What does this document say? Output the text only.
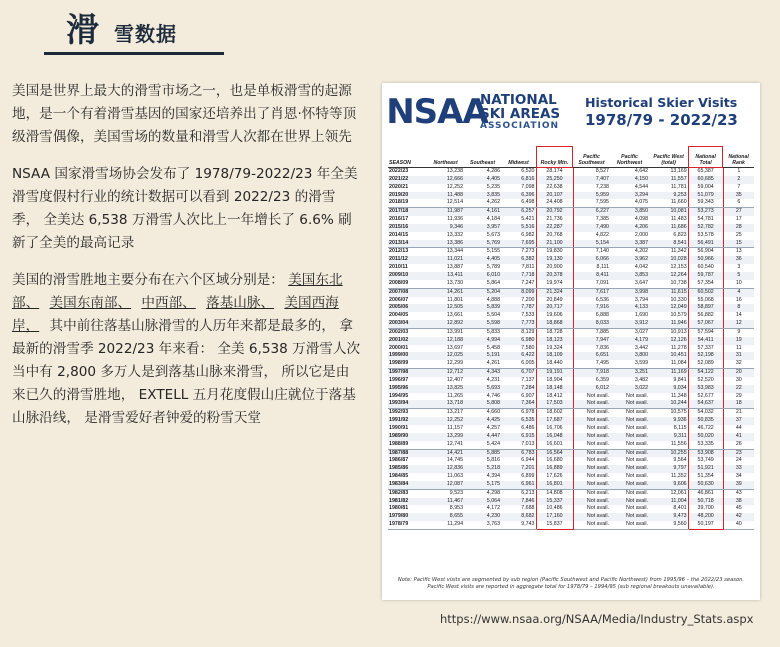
滑 雪数据

美国是世界上最大的滑雪市场之一，也是单板滑雪的起源地，是一个有着滑雪基因的国家还培养出了肖恩·怀特等顶级滑雪偶像，美国雪场的数量和滑雪人次都在世界上领先

NSAA 国家滑雪场协会发布了 1978/79-2022/23 年全美滑雪度假村行业的统计数据可以看到 2022/23 的滑雪季， 全美达 6,538 万滑雪人次比上一年增长了 6.6% 刷新了全美的最高记录

美国的滑雪胜地主要分布在六个区域分别是： 美国东北部、 美国东南部、 中西部、 落基山脉、 美国西海岸， 其中前往落基山脉滑雪的人历年来都是最多的， 拿最新的滑雪季 2022/23 年来看： 全美 6,538 万滑雪人次当中有 2,800 多万人是到落基山脉来滑雪， 所以它是由来已久的滑雪胜地， EXTELL 五月花度假山庄就位于落基山脉沿线， 是滑雪爱好者钟爱的粉雪天堂

NSAA
NATIONAL
SKI AREAS
ASSOCIATION
Historical Skier Visits
1978/79 - 2022/23
SEASON	Northeast	Southeast	Midwest	Rocky Mtn.	Pacific Southwest	Pacific Northwest	Pacific West (total)	National Total	National Rank
2022/23	13,238	4,286	6,520	28,174	8,527	4,642	13,169	65,387	1
2021/22	12,666	4,405	6,816	25,250	7,407	4,150	11,557	60,685	2
2020/21	12,252	5,235	7,098	22,638	7,238	4,544	11,781	59,004	7
2019/20	11,488	3,835	6,396	20,107	5,959	3,294	9,253	51,079	35
2018/19	12,514	4,262	6,498	24,408	7,595	4,075	11,660	59,343	6
2017/18	11,987	4,161	6,257	20,792	6,227	3,850	10,081	53,273	27
2016/17	11,936	4,184	5,421	21,736	7,385	4,098	11,483	54,781	17
2015/16	9,346	3,957	5,516	22,287	7,490	4,206	11,686	52,782	28
2014/15	13,332	5,673	6,982	20,768	4,822	2,000	6,823	53,578	25
2013/14	13,386	5,769	7,695	21,100	5,154	3,387	8,541	56,491	15
2012/13	13,344	5,155	7,273	19,830	7,140	4,202	11,342	56,904	13
2011/12	11,021	4,405	6,382	19,130	6,066	3,962	10,028	50,966	36
2010/11	13,887	5,789	7,811	20,900	8,111	4,042	12,153	60,540	3
2009/10	13,411	6,010	7,718	20,378	8,411	3,853	12,264	59,787	5
2008/09	13,730	5,864	7,247	19,974	7,091	3,647	10,738	57,354	10
2007/08	14,261	5,204	8,099	21,324	7,617	3,998	11,615	60,502	4
2006/07	11,801	4,888	7,200	20,849	6,536	3,794	10,330	55,068	16
2005/06	12,505	5,839	7,787	20,717	7,916	4,133	12,049	58,897	8
2004/05	13,661	5,504	7,533	19,606	6,888	1,690	10,579	56,882	14
2003/04	12,892	5,598	7,773	18,868	8,033	3,912	11,946	57,067	12
2002/03	13,991	5,833	8,129	18,728	7,885	3,027	10,913	57,594	9
2001/02	12,188	4,994	6,980	18,123	7,947	4,179	12,126	54,411	19
2000/01	13,697	5,458	7,580	19,324	7,836	3,442	11,278	57,337	11
1999/00	12,025	5,191	6,422	18,109	6,651	3,800	10,451	52,198	31
1998/99	12,299	4,261	6,005	18,440	7,495	3,599	11,084	52,089	32
1997/98	12,712	4,343	6,707	19,191	7,918	3,251	11,169	54,122	20
1996/97	12,407	4,231	7,137	18,904	6,359	3,482	9,841	52,520	30
1995/96	13,825	5,693	7,284	18,148	6,012	3,022	9,034	53,983	22
1994/95	11,265	4,746	6,907	18,412	Not avail.	Not avail.	11,348	52,677	29
1993/94	13,718	5,808	7,364	17,503	Not avail.	Not avail.	10,244	54,637	18
1992/93	13,217	4,660	6,978	18,602	Not avail.	Not avail.	10,575	54,032	21
1991/92	12,252	4,425	6,535	17,687	Not avail.	Not avail.	9,936	50,835	37
1990/91	11,157	4,257	6,486	16,706	Not avail.	Not avail.	8,115	46,722	44
1989/90	13,299	4,447	6,915	16,048	Not avail.	Not avail.	9,311	50,020	41
1988/89	12,741	5,424	7,013	16,601	Not avail.	Not avail.	11,556	53,335	26
1987/88	14,421	5,885	6,783	16,564	Not avail.	Not avail.	10,255	53,908	23
1986/87	14,745	5,816	6,944	16,680	Not avail.	Not avail.	9,564	53,749	24
1985/86	12,836	5,218	7,201	16,889	Not avail.	Not avail.	9,797	51,921	33
1984/85	11,063	4,394	6,899	17,626	Not avail.	Not avail.	11,352	51,354	34
1983/84	12,087	5,175	6,961	16,801	Not avail.	Not avail.	9,606	50,630	39
1982/83	9,523	4,298	6,213	14,808	Not avail.	Not avail.	12,061	46,861	43
1981/82	11,467	5,064	7,846	15,337	Not avail.	Not avail.	11,004	50,718	38
1980/81	8,953	4,172	7,688	10,486	Not avail.	Not avail.	8,401	39,700	45
1979/80	8,655	4,230	8,682	17,160	Not avail.	Not avail.	9,473	48,200	42
1978/79	11,294	3,763	9,743	15,837	Not avail.	Not avail.	9,560	50,197	40
Note: Pacific West visits are segmented by sub region (Pacific Southwest and Pacific Northwest) from 1995/96 – the 2022/23 season. Pacific West visits are reported in aggregate total for 1978/79 – 1994/95 (sub regional breakouts unavailable).
https://www.nsaa.org/NSAA/Media/Industry_Stats.aspx
